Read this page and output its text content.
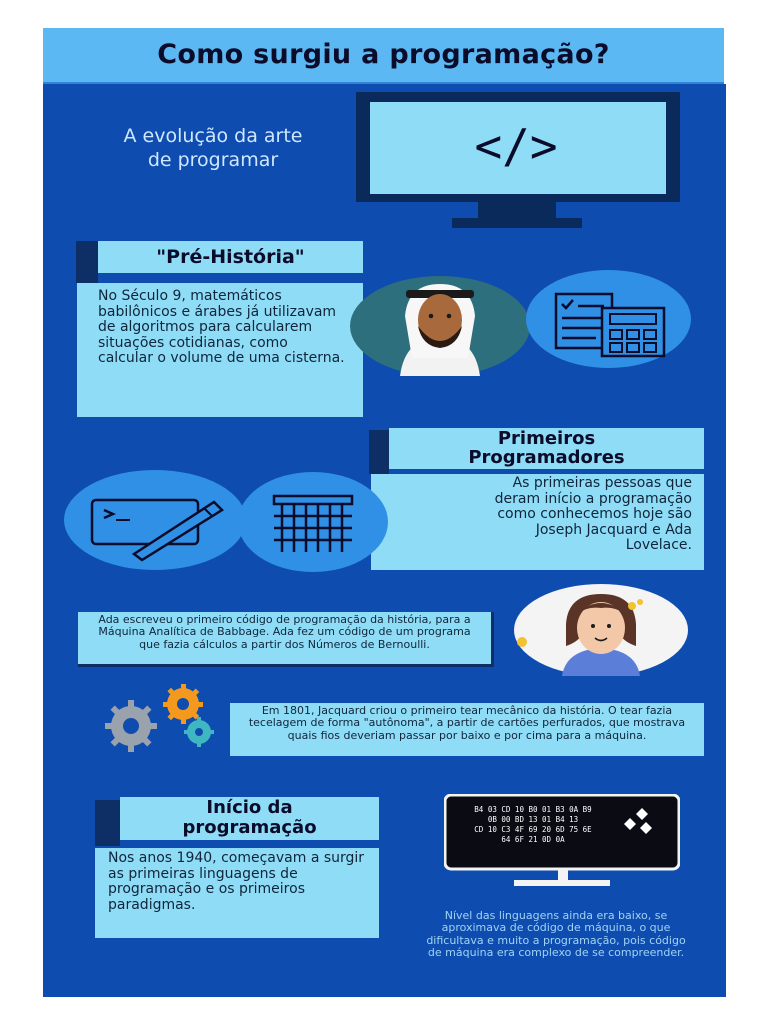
Como surgiu a programação?
A evolução da arte
de programar	</>
"Pré-História"
No Século 9, matemáticos babilônicos e árabes já utilizavam de algoritmos para calcularem situações cotidianas, como calcular o volume de uma cisterna.
Primeiros
Programadores
As primeiras pessoas que deram início a programação como conhecemos hoje são Joseph Jacquard e Ada Lovelace.
Ada escreveu o primeiro código de programação da história, para a Máquina Analítica de Babbage. Ada fez um código de um programa que fazia cálculos a partir dos Números de Bernoulli.
Em 1801, Jacquard criou o primeiro tear mecânico da história. O tear fazia tecelagem de forma "autônoma", a partir de cartões perfurados, que mostrava quais fios deveriam passar por baixo e por cima para a máquina.
Início da
programação
Nos anos 1940, começavam a surgir as primeiras linguagens de programação e os primeiros paradigmas.
B4 03 CD 10 B0 01 B3 0A B9
0B 00 BD 13 01 B4 13
CD 10 C3 4F 69 20 6D 75 6E
64 6F 21 0D 0A
Nível das linguagens ainda era baixo, se aproximava de código de máquina, o que dificultava e muito a programação, pois código de máquina era complexo de se compreender.
